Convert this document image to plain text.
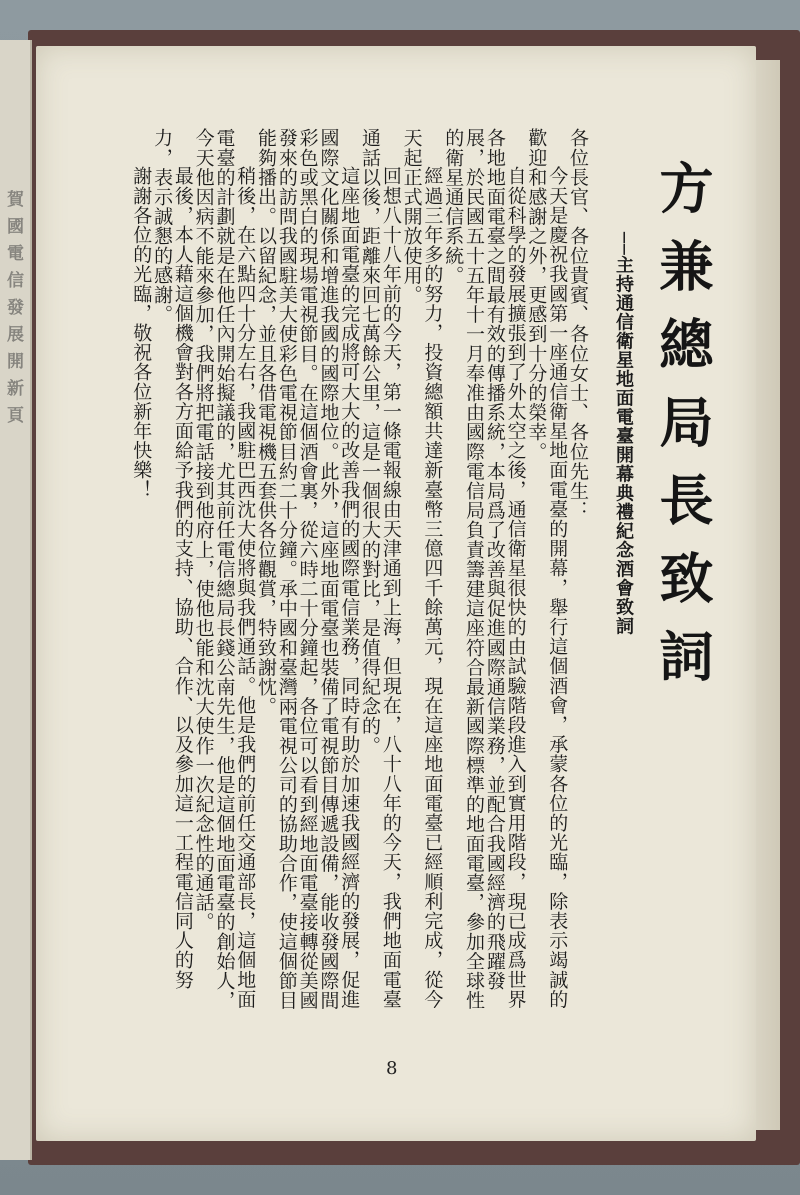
賀國電信發展開新頁	方兼總局長致詞
──主持通信衛星地面電臺開幕典禮紀念酒會致詞

各位長官、各位貴賓、各位女士、各位先生：

今天是慶祝我國第一座通信衛星地面電臺的開幕，舉行這個酒會，承蒙各位的光臨，除表示竭誠的歡迎和感謝之外，更感到十分的榮幸。

自從科學的發展擴張到了外太空之後，通信衛星很快的由試驗階段進入到實用階段，現已成爲世界各地地面電臺之間最有效的傳播系統，本局爲了改善與促進國際通信業務，並配合我國經濟的飛躍發展，於民國五十五年十一月奉准由國際電信局負責籌建這座符合最新國際標準的地面電臺，參加全球性的衛星通信系統。

經過三年多的努力，投資總額共達新臺幣三億四千餘萬元，現在這座地面電臺已經順利完成，從今天起正式開放使用。

回想八十八年前的今天，第一條電報線由天津通到上海，但現在，八十八年的今天，我們地面電臺通話以後，距離來回七萬餘公里，這是一個很大的對比，是值得紀念的。

這座地面電臺的完成將可大大的改善我們的國際電信業務，同時有助於加速我國經濟的發展，促進國際文化關係和增進我國的國際地位。此外，這座地面電臺也裝備了電視節目傳遞設備，能收發國際間彩色或黑白的現場電視節目。在這個酒會裏，從六時二十分鐘起，各位可以看到經地面電臺接轉從美國發來的訪問我國駐美大使彩色電視節目約二十分鐘。承中國和臺灣兩電視公司的協助合作，使這個節目能夠播出。以留紀念，並且各借電視機五套供各位觀賞，特致謝忱。

稍後，在六點四十分左右，我國駐巴西沈大使將與我們通話。他是我們的前任交通部長，這個地面電臺的計劃就是在他任內開始擬議的，尤其前任電信總局長錢公南先生，他是這個地面電臺的創始人，今天他因病不能來參加，我們將把電話接到他府上，使他也能和沈大使作一次紀念性的通話。

最後，本人藉這個機會對各方面給予我們的支持、協助、合作、以及參加這一工程電信同人的努力，表示誠懇的感謝。

謝謝各位的光臨，敬祝各位新年快樂！

8
